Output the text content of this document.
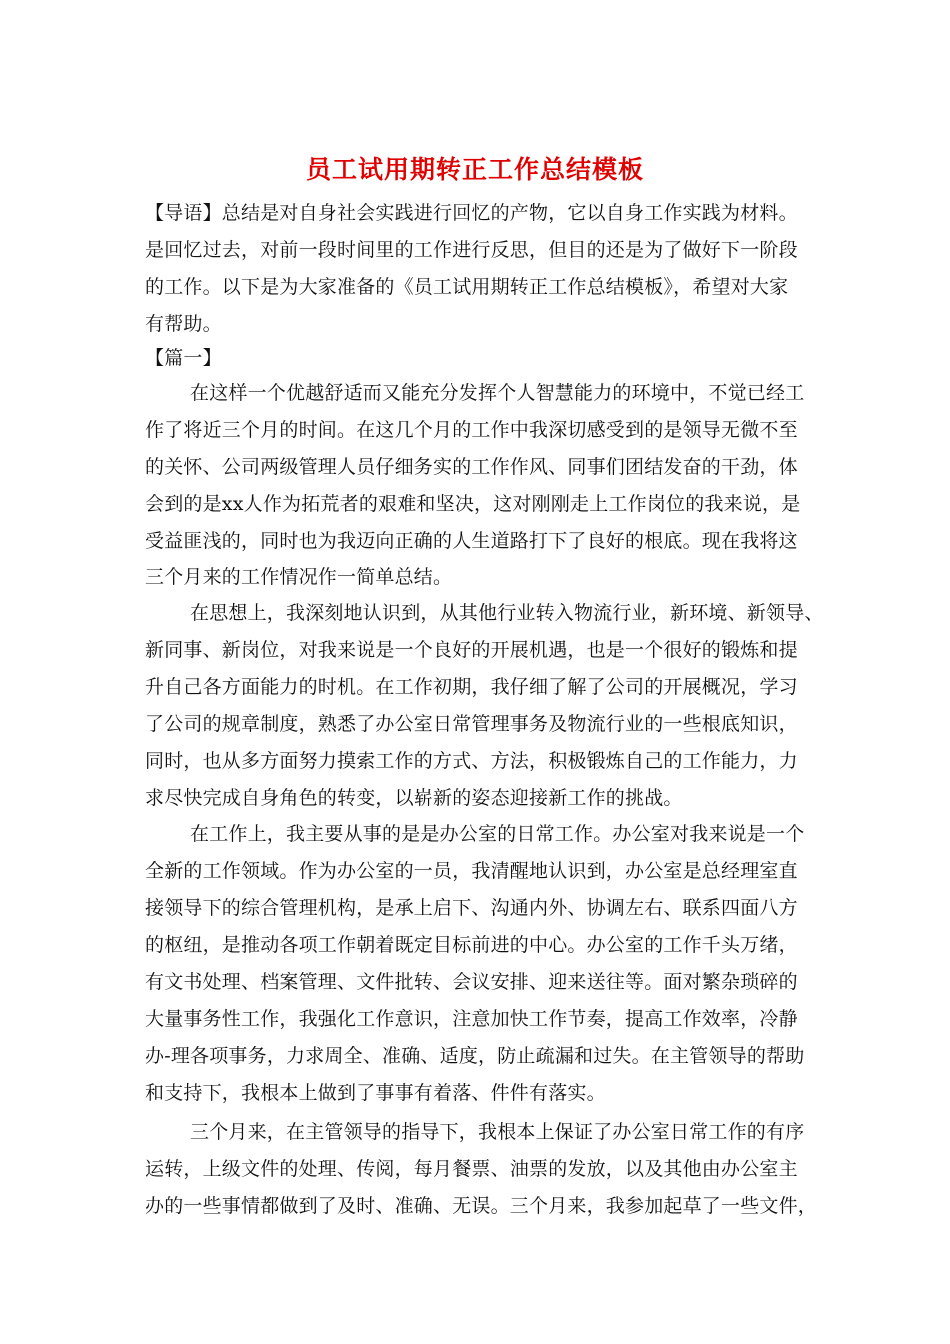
员工试用期转正工作总结模板
【导语】总结是对自身社会实践进行回忆的产物，它以自身工作实践为材料。
是回忆过去，对前一段时间里的工作进行反思，但目的还是为了做好下一阶段
的工作。以下是为大家准备的《员工试用期转正工作总结模板》，希望对大家
有帮助。
【篇一】
在这样一个优越舒适而又能充分发挥个人智慧能力的环境中，不觉已经工
作了将近三个月的时间。在这几个月的工作中我深切感受到的是领导无微不至
的关怀、公司两级管理人员仔细务实的工作作风、同事们团结发奋的干劲，体
会到的是xx人作为拓荒者的艰难和坚决，这对刚刚走上工作岗位的我来说，是
受益匪浅的，同时也为我迈向正确的人生道路打下了良好的根底。现在我将这
三个月来的工作情况作一简单总结。
在思想上，我深刻地认识到，从其他行业转入物流行业，新环境、新领导、
新同事、新岗位，对我来说是一个良好的开展机遇，也是一个很好的锻炼和提
升自己各方面能力的时机。在工作初期，我仔细了解了公司的开展概况，学习
了公司的规章制度，熟悉了办公室日常管理事务及物流行业的一些根底知识，
同时，也从多方面努力摸索工作的方式、方法，积极锻炼自己的工作能力，力
求尽快完成自身角色的转变，以崭新的姿态迎接新工作的挑战。
在工作上，我主要从事的是是办公室的日常工作。办公室对我来说是一个
全新的工作领域。作为办公室的一员，我清醒地认识到，办公室是总经理室直
接领导下的综合管理机构，是承上启下、沟通内外、协调左右、联系四面八方
的枢纽，是推动各项工作朝着既定目标前进的中心。办公室的工作千头万绪，
有文书处理、档案管理、文件批转、会议安排、迎来送往等。面对繁杂琐碎的
大量事务性工作，我强化工作意识，注意加快工作节奏，提高工作效率，冷静
办-理各项事务，力求周全、准确、适度，防止疏漏和过失。在主管领导的帮助
和支持下，我根本上做到了事事有着落、件件有落实。
三个月来，在主管领导的指导下，我根本上保证了办公室日常工作的有序
运转，上级文件的处理、传阅，每月餐票、油票的发放，以及其他由办公室主
办的一些事情都做到了及时、准确、无误。三个月来，我参加起草了一些文件，
